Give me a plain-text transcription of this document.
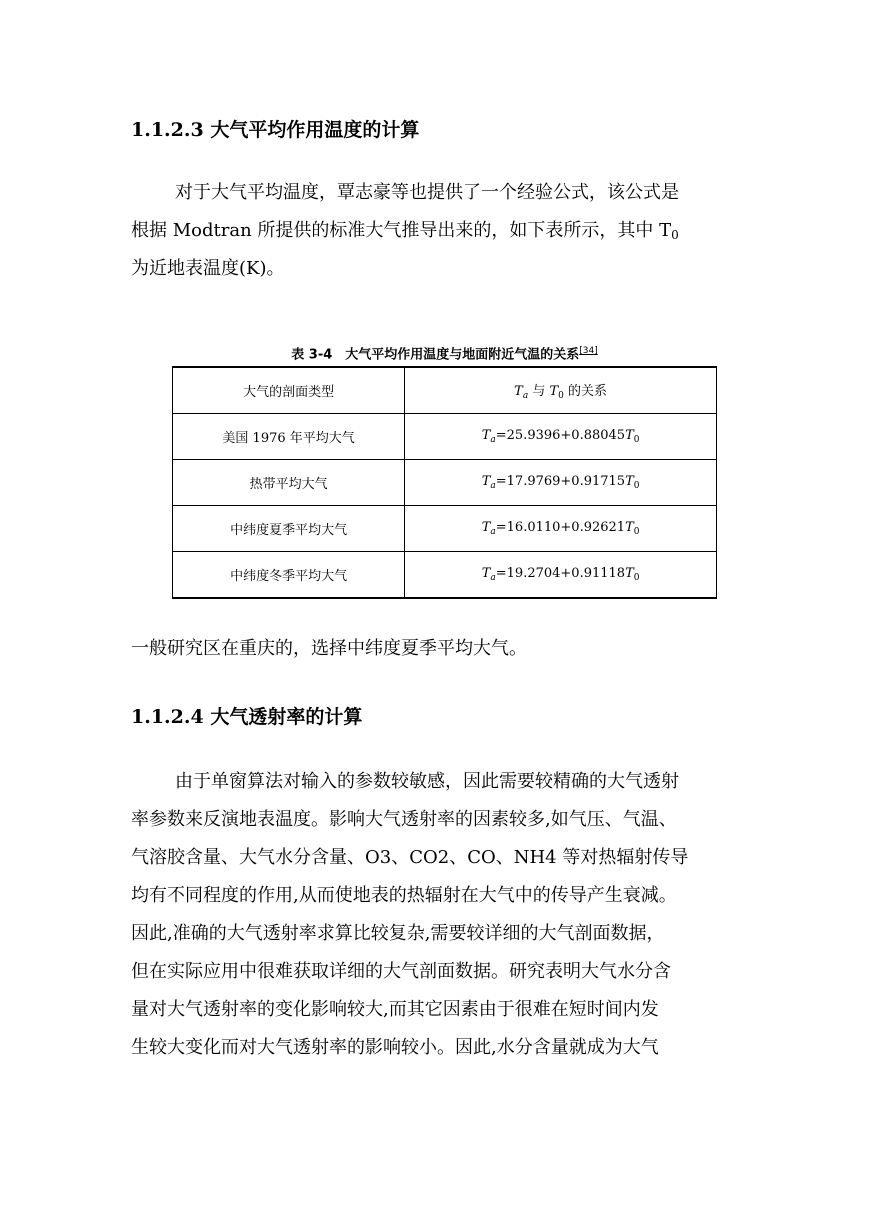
1.1.2.3 大气平均作用温度的计算

对于大气平均温度，覃志豪等也提供了一个经验公式，该公式是
根据 Modtran 所提供的标准大气推导出来的，如下表所示，其中 $T_0$
为近地表温度(K)。

表 3-4　大气平均作用温度与地面附近气温的关系[34]
大气的剖面类型	$T_a$ 与 $T_0$ 的关系
美国 1976 年平均大气	$T_a=25.9396+0.88045T_0$
热带平均大气	$T_a=17.9769+0.91715T_0$
中纬度夏季平均大气	$T_a=16.0110+0.92621T_0$
中纬度冬季平均大气	$T_a=19.2704+0.91118T_0$

一般研究区在重庆的，选择中纬度夏季平均大气。

1.1.2.4 大气透射率的计算

由于单窗算法对输入的参数较敏感，因此需要较精确的大气透射
率参数来反演地表温度。影响大气透射率的因素较多,如气压、气温、
气溶胶含量、大气水分含量、O3、CO2、CO、NH4 等对热辐射传导
均有不同程度的作用,从而使地表的热辐射在大气中的传导产生衰减。
因此,准确的大气透射率求算比较复杂,需要较详细的大气剖面数据，
但在实际应用中很难获取详细的大气剖面数据。研究表明大气水分含
量对大气透射率的变化影响较大,而其它因素由于很难在短时间内发
生较大变化而对大气透射率的影响较小。因此,水分含量就成为大气
